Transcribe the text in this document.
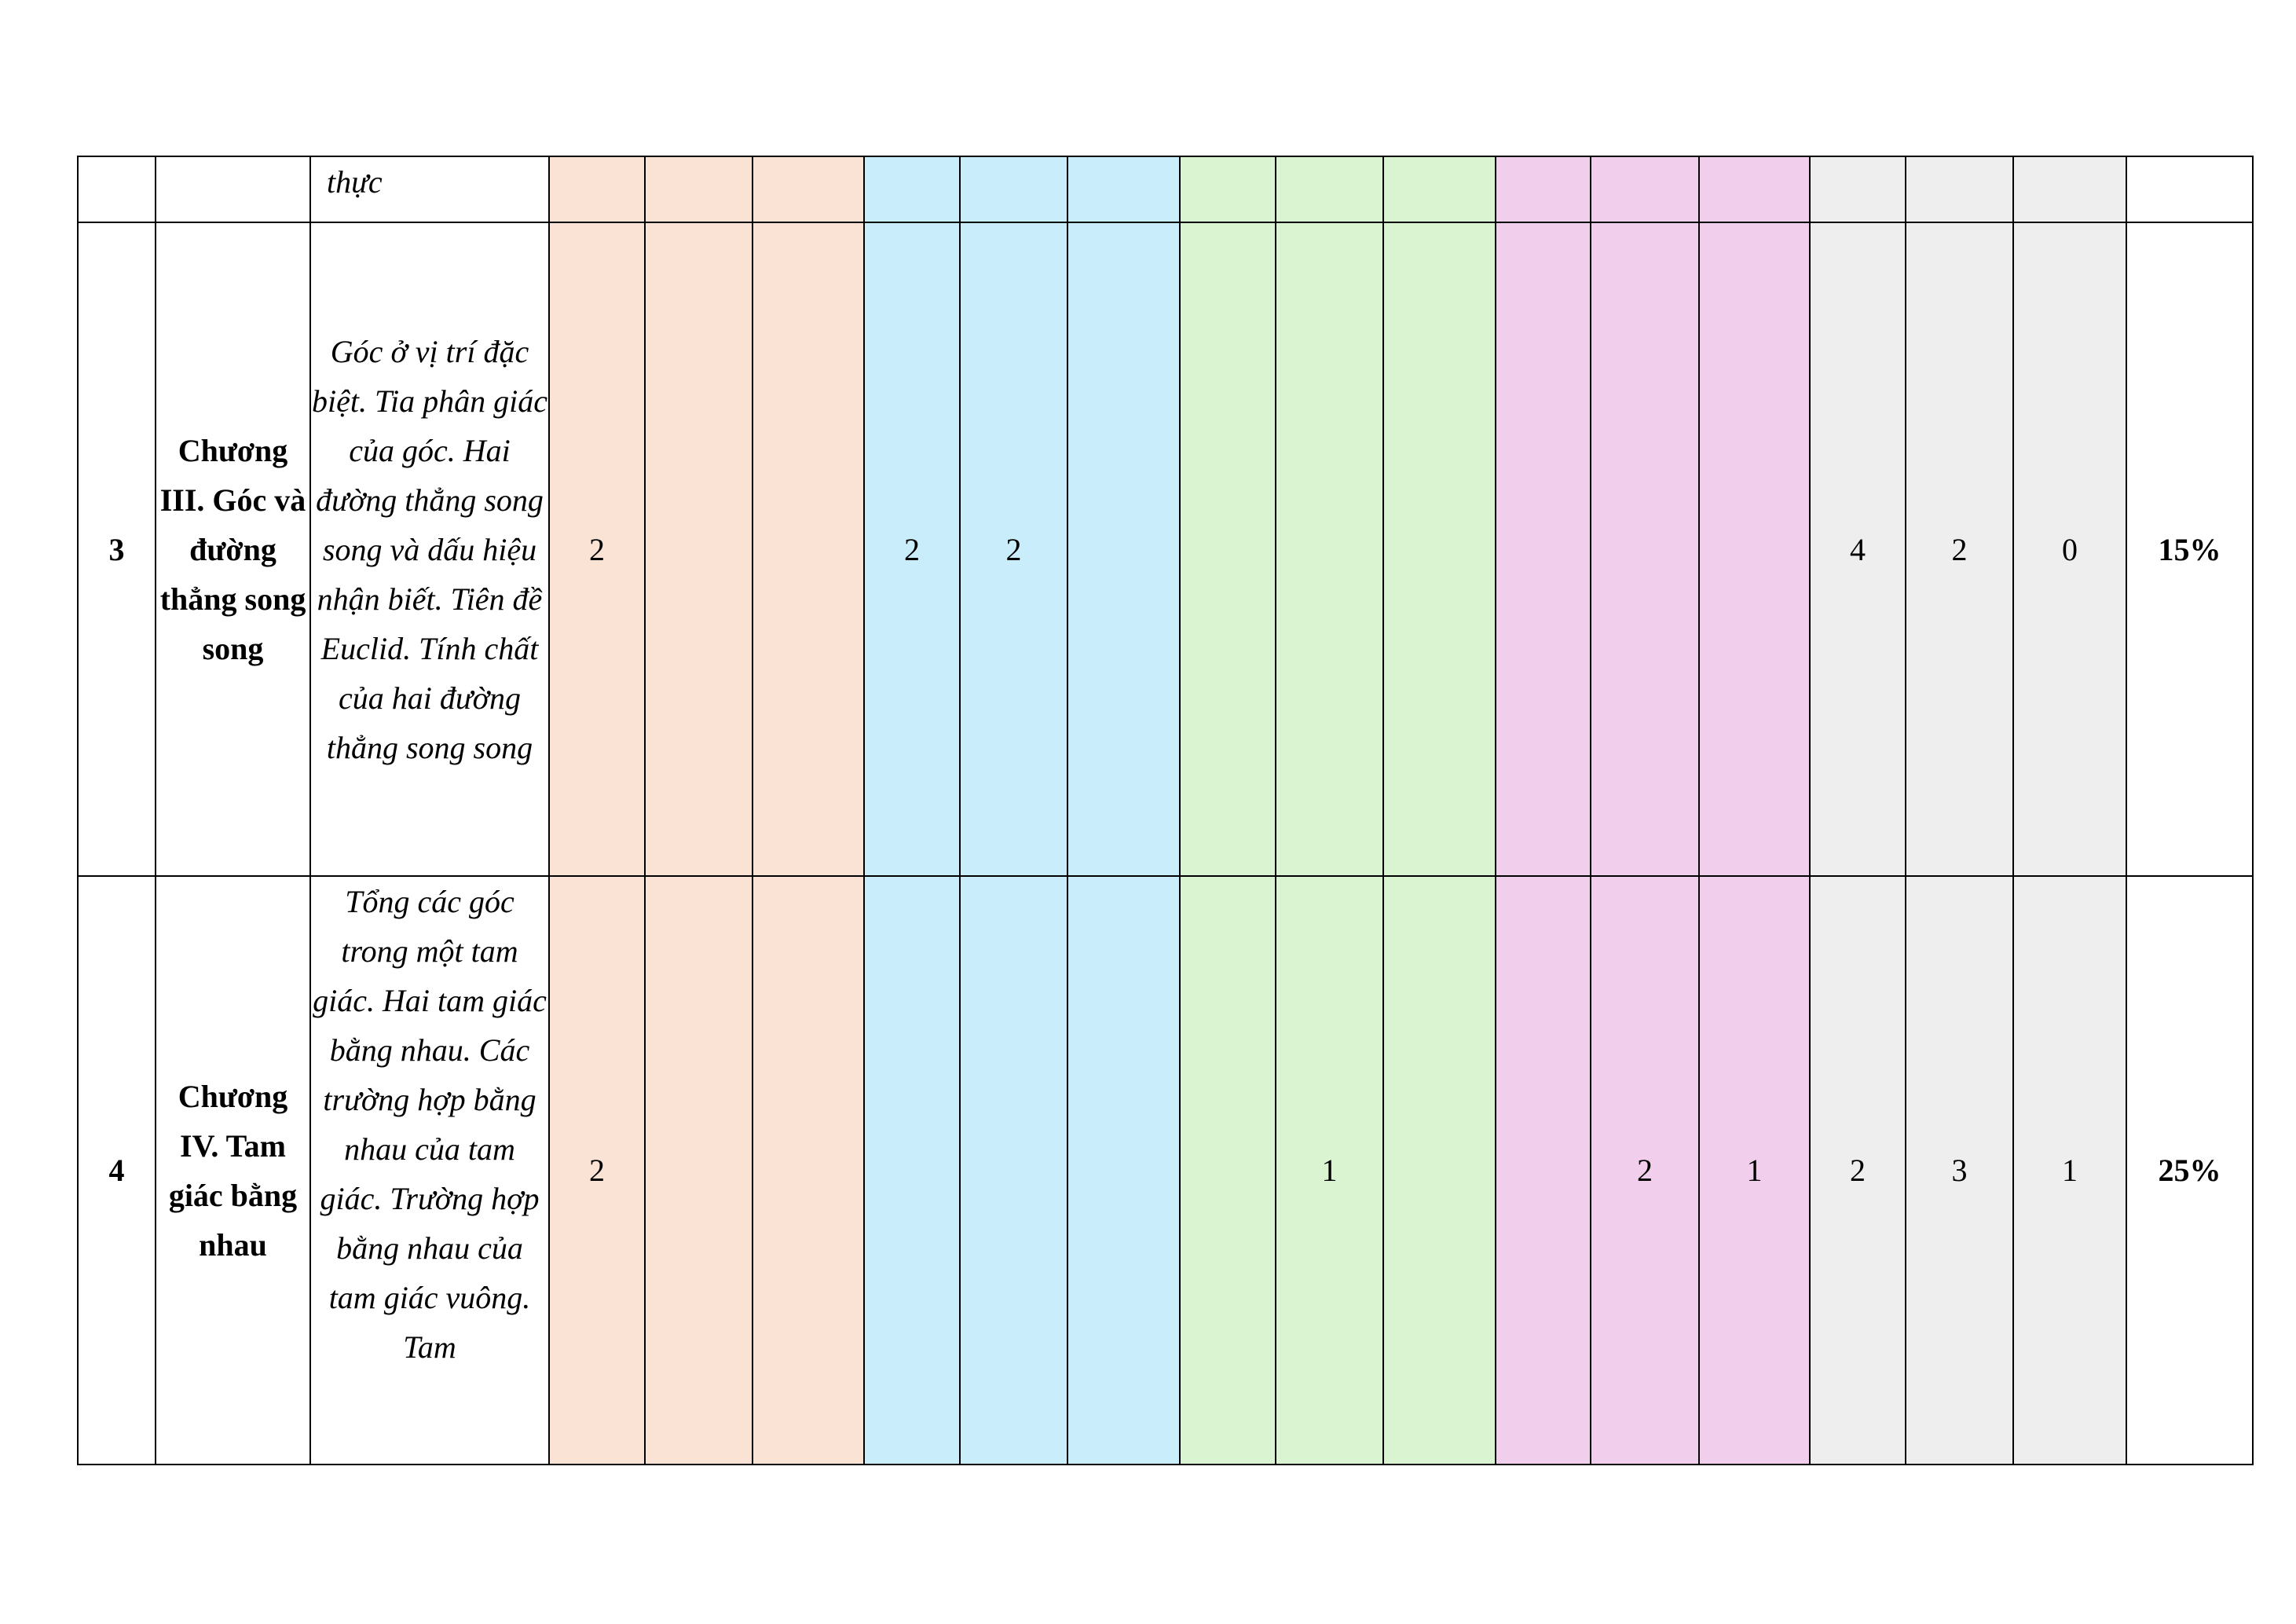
		thực																
3	Chương III. Góc và đường thẳng song song	Góc ở vị trí đặc biệt. Tia phân giác của góc. Hai đường thẳng song song và dấu hiệu nhận biết. Tiên đề Euclid. Tính chất của hai đường thẳng song song	2			2	2								4	2	0	15%
4	Chương IV. Tam giác bằng nhau	Tổng các góc trong một tam giác. Hai tam giác bằng nhau. Các trường hợp bằng nhau của tam giác. Trường hợp bằng nhau của tam giác vuông. Tam	2							1			2	1	2	3	1	25%
